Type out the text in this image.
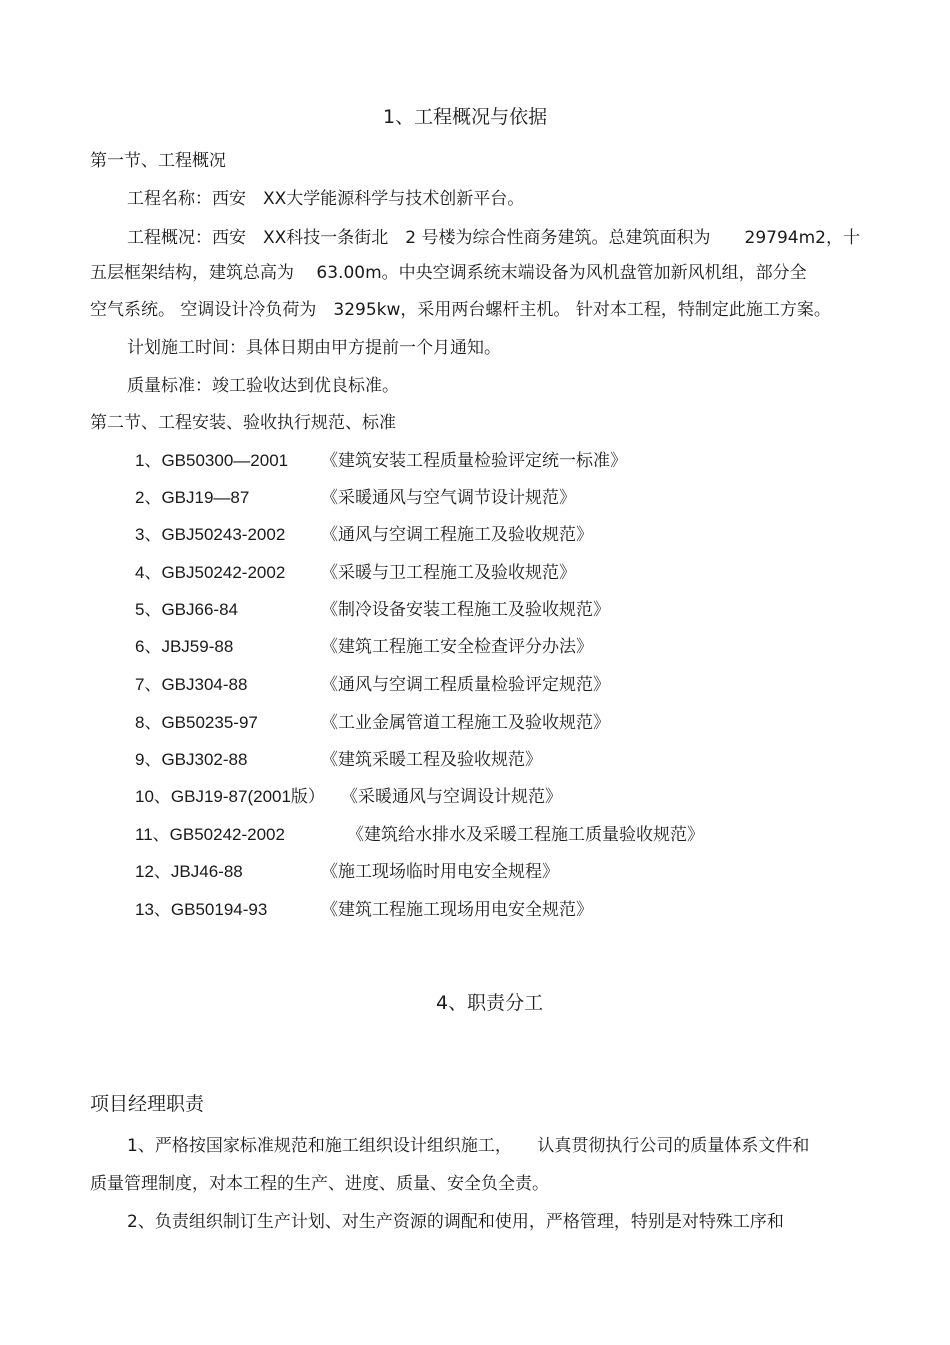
1、工程概况与依据
第一节、工程概况
工程名称：西安　XX大学能源科学与技术创新平台。
工程概况：西安　XX科技一条街北　2 号楼为综合性商务建筑。总建筑面积为　　29794m2，十
五层框架结构，建筑总高为　 63.00m。中央空调系统末端设备为风机盘管加新风机组，部分全
空气系统。 空调设计冷负荷为　3295kw，采用两台螺杆主机。 针对本工程，特制定此施工方案。
计划施工时间：具体日期由甲方提前一个月通知。
质量标准：竣工验收达到优良标准。
第二节、工程安装、验收执行规范、标准
1、GB50300—2001 《建筑安装工程质量检验评定统一标准》
2、GBJ19—87	《采暖通风与空气调节设计规范》
3、GBJ50243-2002 《通风与空调工程施工及验收规范》
4、GBJ50242-2002 《采暖与卫工程施工及验收规范》
5、GBJ66-84	《制冷设备安装工程施工及验收规范》
6、JBJ59-88	《建筑工程施工安全检查评分办法》
7、GBJ304-88	《通风与空调工程质量检验评定规范》
8、GB50235-97	《工业金属管道工程施工及验收规范》
9、GBJ302-88	《建筑采暖工程及验收规范》
10、GBJ19-87(2001版） 《采暖通风与空调设计规范》
11、GB50242-2002	《建筑给水排水及采暖工程施工质量验收规范》
12、JBJ46-88	《施工现场临时用电安全规程》
13、GB50194-93	《建筑工程施工现场用电安全规范》
4、职责分工
项目经理职责
1、严格按国家标准规范和施工组织设计组织施工，　　认真贯彻执行公司的质量体系文件和
质量管理制度，对本工程的生产、进度、质量、安全负全责。
2、负责组织制订生产计划、对生产资源的调配和使用，严格管理，特别是对特殊工序和
